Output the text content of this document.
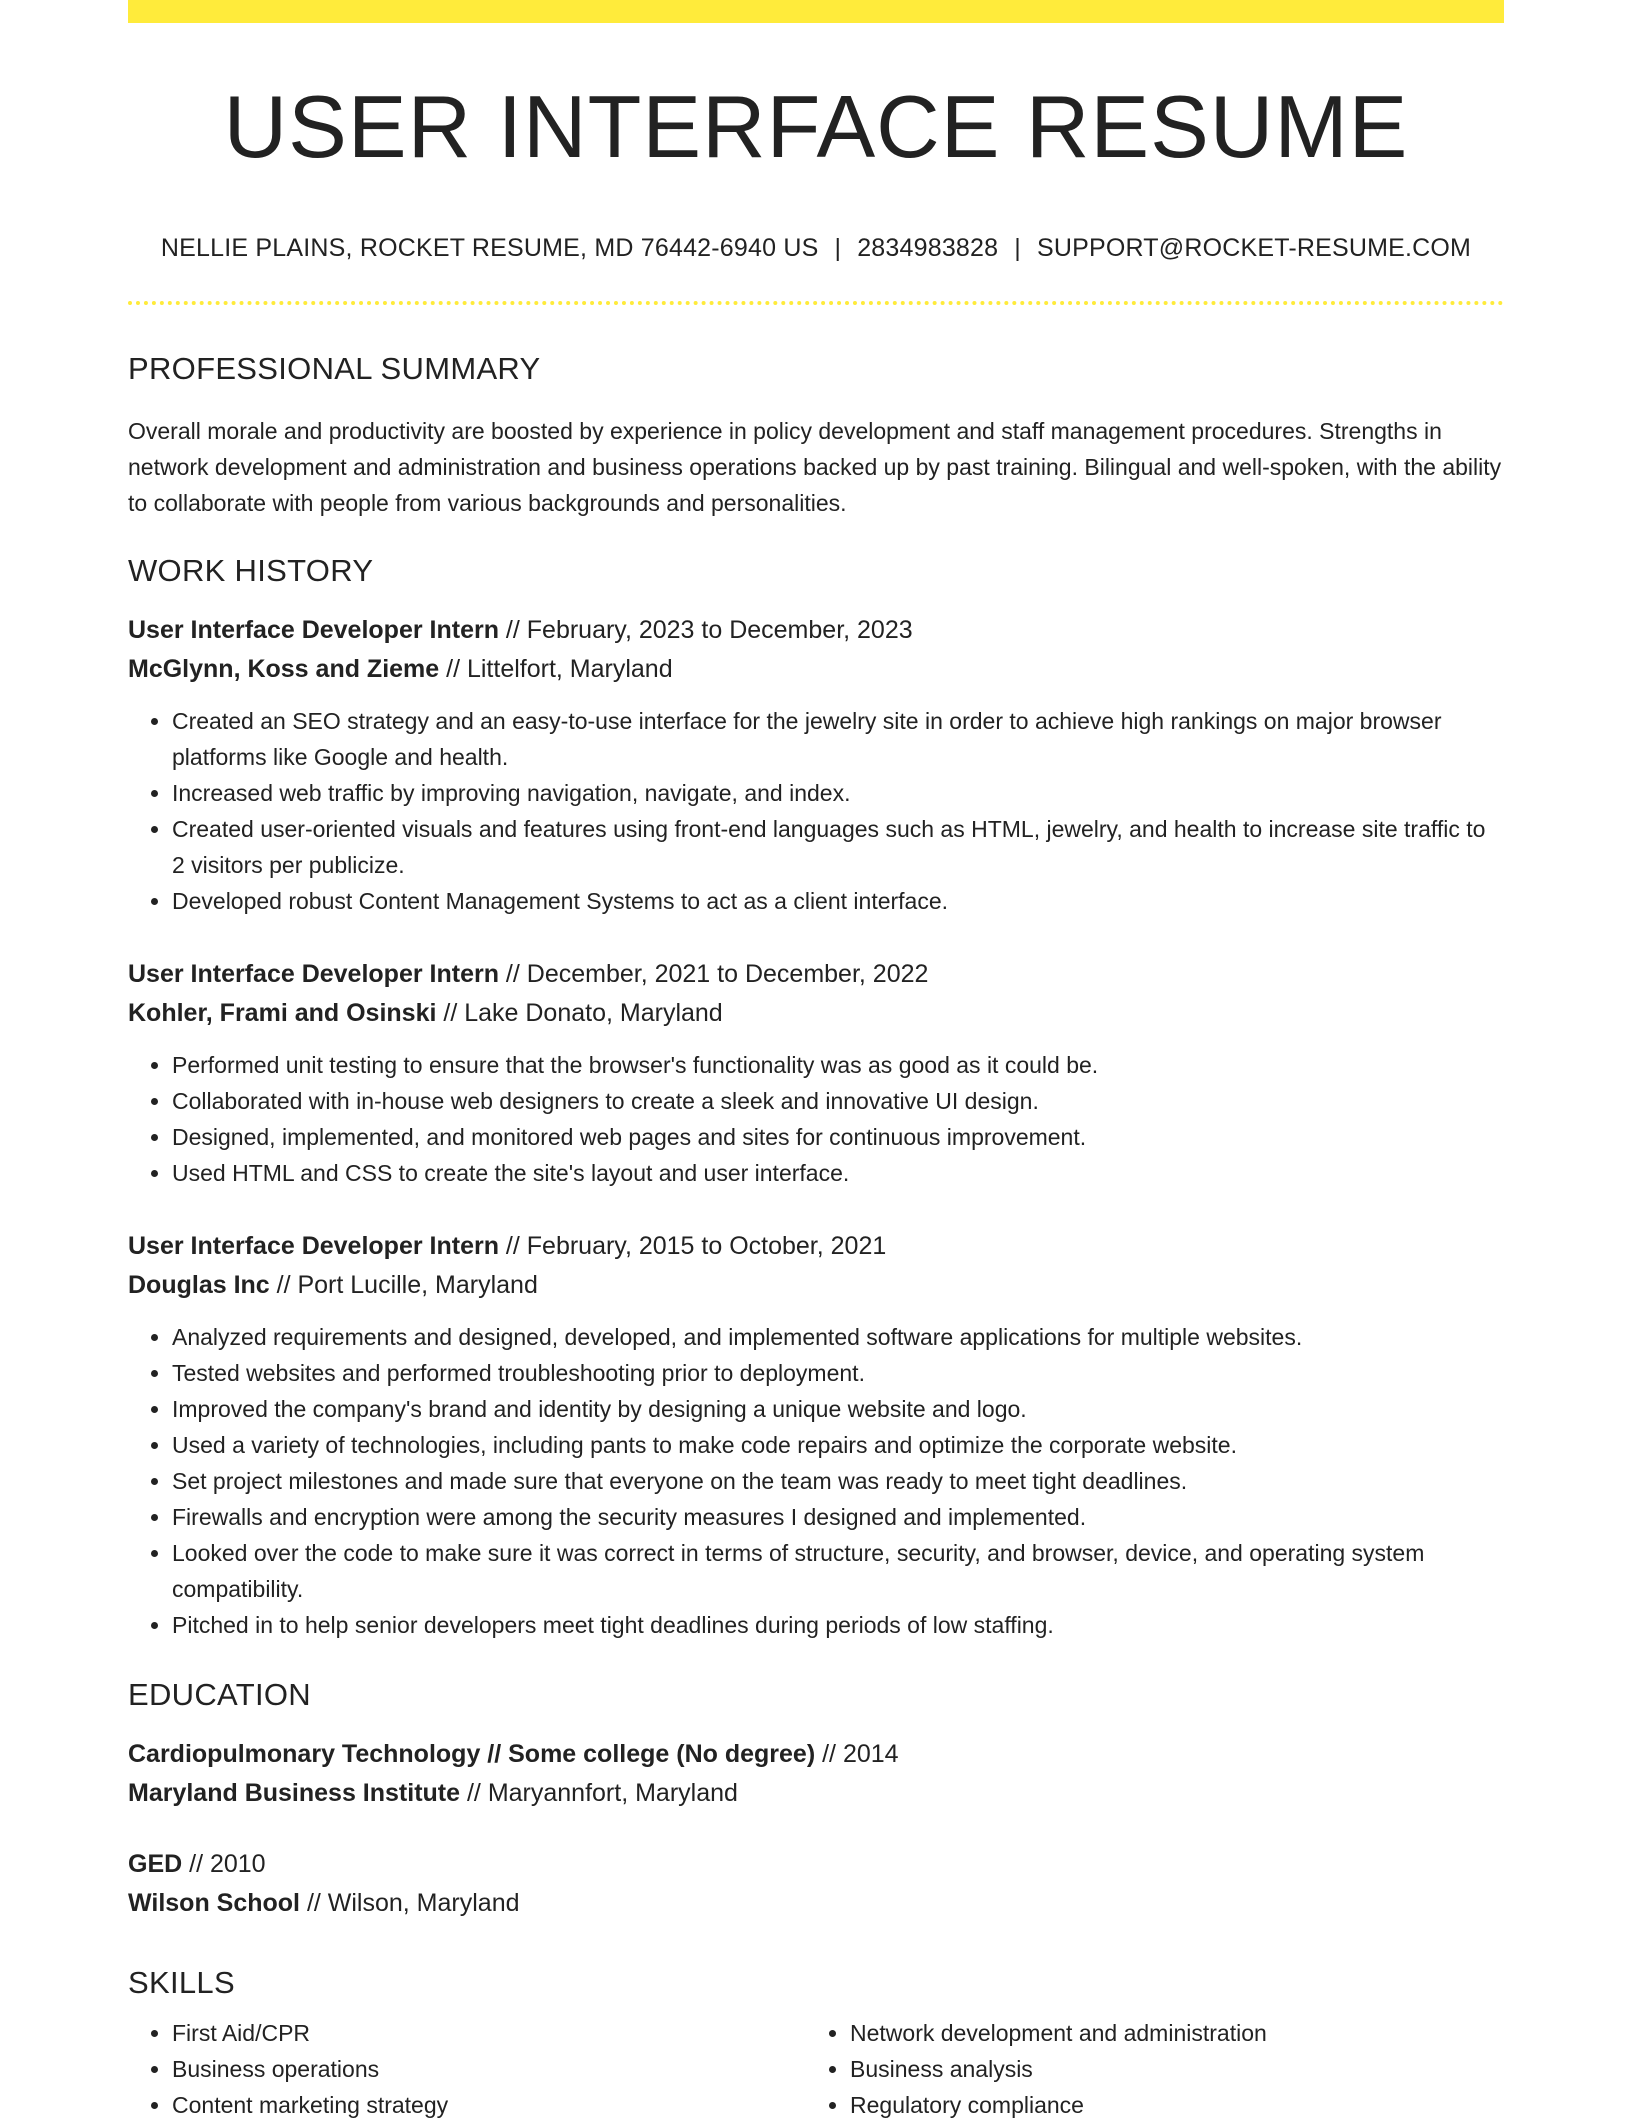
USER INTERFACE RESUME
NELLIE PLAINS, ROCKET RESUME, MD 76442-6940 US | 2834983828 | SUPPORT@ROCKET-RESUME.COM
PROFESSIONAL SUMMARY

Overall morale and productivity are boosted by experience in policy development and staff management procedures. Strengths in network development and administration and business operations backed up by past training. Bilingual and well-spoken, with the ability to collaborate with people from various backgrounds and personalities.

WORK HISTORY
User Interface Developer Intern // February, 2023 to December, 2023
McGlynn, Koss and Zieme // Littelfort, Maryland
• Created an SEO strategy and an easy-to-use interface for the jewelry site in order to achieve high rankings on major browser platforms like Google and health.
• Increased web traffic by improving navigation, navigate, and index.
• Created user-oriented visuals and features using front-end languages such as HTML, jewelry, and health to increase site traffic to 2 visitors per publicize.
• Developed robust Content Management Systems to act as a client interface.
User Interface Developer Intern // December, 2021 to December, 2022
Kohler, Frami and Osinski // Lake Donato, Maryland
• Performed unit testing to ensure that the browser's functionality was as good as it could be.
• Collaborated with in-house web designers to create a sleek and innovative UI design.
• Designed, implemented, and monitored web pages and sites for continuous improvement.
• Used HTML and CSS to create the site's layout and user interface.
User Interface Developer Intern // February, 2015 to October, 2021
Douglas Inc // Port Lucille, Maryland
• Analyzed requirements and designed, developed, and implemented software applications for multiple websites.
• Tested websites and performed troubleshooting prior to deployment.
• Improved the company's brand and identity by designing a unique website and logo.
• Used a variety of technologies, including pants to make code repairs and optimize the corporate website.
• Set project milestones and made sure that everyone on the team was ready to meet tight deadlines.
• Firewalls and encryption were among the security measures I designed and implemented.
• Looked over the code to make sure it was correct in terms of structure, security, and browser, device, and operating system compatibility.
• Pitched in to help senior developers meet tight deadlines during periods of low staffing.
EDUCATION
Cardiopulmonary Technology // Some college (No degree) // 2014
Maryland Business Institute // Maryannfort, Maryland
GED // 2010
Wilson School // Wilson, Maryland
SKILLS
• First Aid/CPR
• Business operations
• Content marketing strategy
• Network development and administration
• Business analysis
• Regulatory compliance
